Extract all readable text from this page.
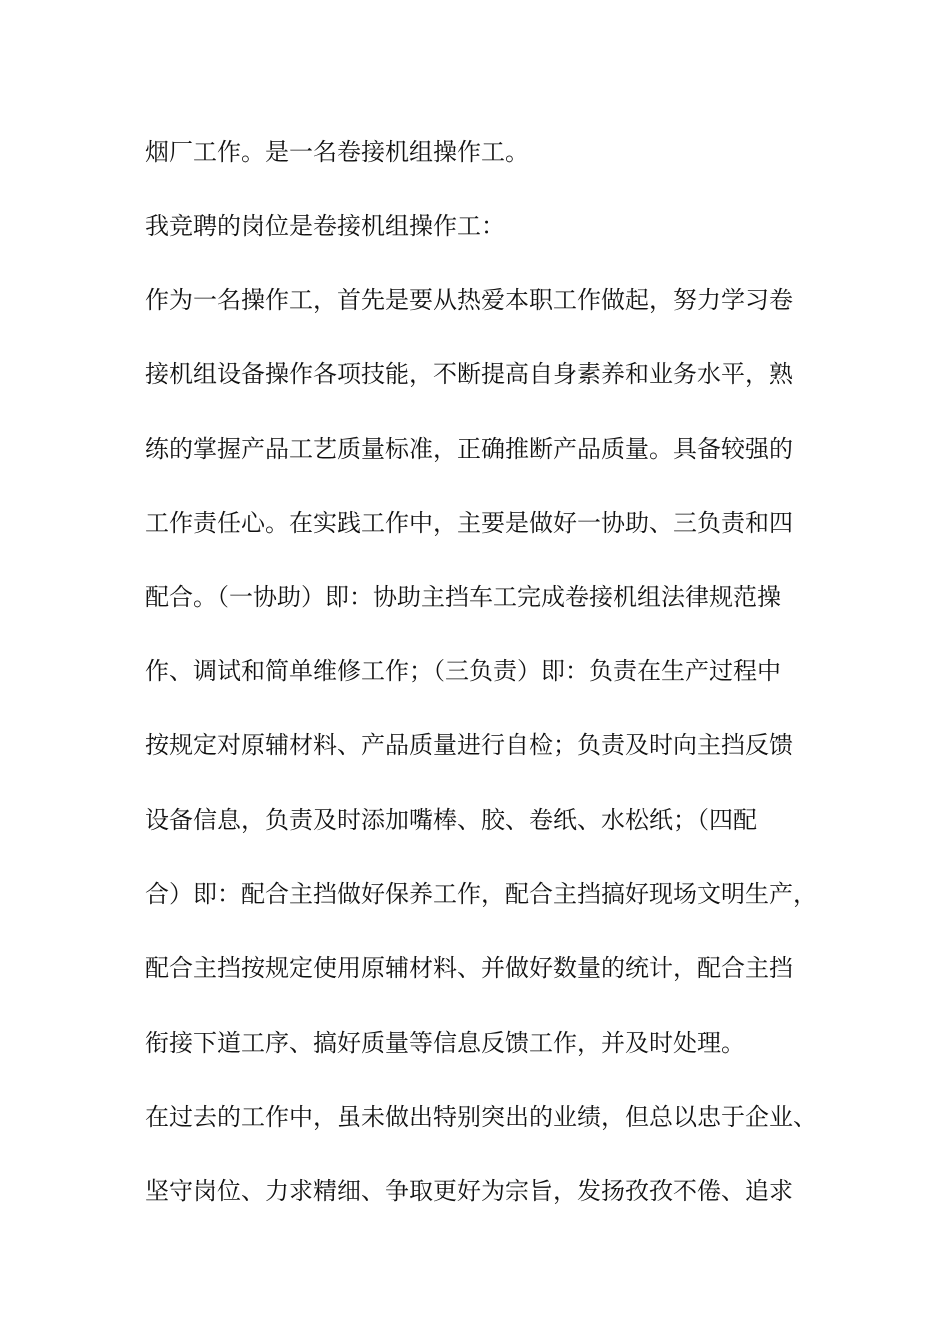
烟厂工作。是一名卷接机组操作工。
我竞聘的岗位是卷接机组操作工：
作为一名操作工，首先是要从热爱本职工作做起，努力学习卷
接机组设备操作各项技能，不断提高自身素养和业务水平，熟
练的掌握产品工艺质量标准，正确推断产品质量。具备较强的
工作责任心。在实践工作中，主要是做好一协助、三负责和四
配合。（一协助）即：协助主挡车工完成卷接机组法律规范操
作、调试和简单维修工作；（三负责）即：负责在生产过程中
按规定对原辅材料、产品质量进行自检；负责及时向主挡反馈
设备信息，负责及时添加嘴棒、胶、卷纸、水松纸；（四配
合）即：配合主挡做好保养工作，配合主挡搞好现场文明生产，
配合主挡按规定使用原辅材料、并做好数量的统计，配合主挡
衔接下道工序、搞好质量等信息反馈工作，并及时处理。
在过去的工作中，虽未做出特别突出的业绩，但总以忠于企业、
坚守岗位、力求精细、争取更好为宗旨，发扬孜孜不倦、追求
